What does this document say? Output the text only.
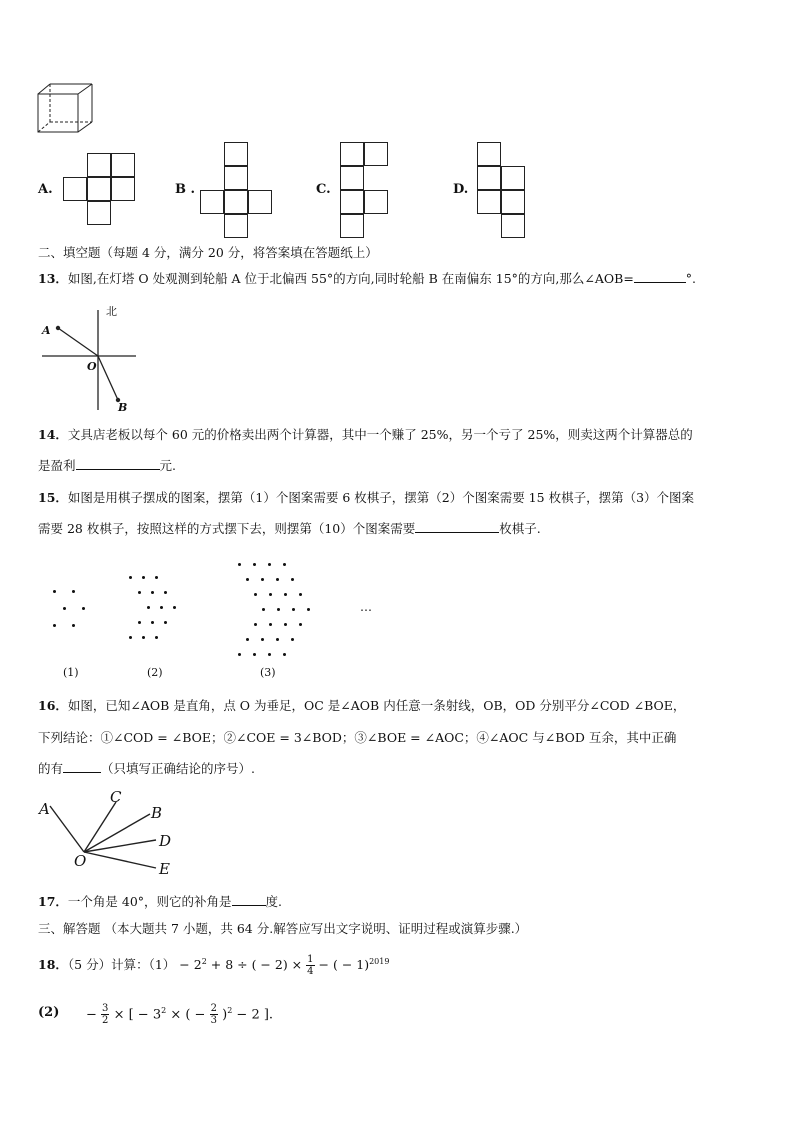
A.	B .	C.	D.
二、填空题（每题 4 分，满分 20 分，将答案填在答题纸上）
13．如图,在灯塔 O 处观测到轮船 A 位于北偏西 55°的方向,同时轮船 B 在南偏东 15°的方向,那么∠AOB=	°.
北
A
O
B
14．文具店老板以每个 60 元的价格卖出两个计算器，其中一个赚了 25%，另一个亏了 25%，则卖这两个计算器总的
是盈利	元.
15．如图是用棋子摆成的图案，摆第（1）个图案需要 6 枚棋子，摆第（2）个图案需要 15 枚棋子，摆第（3）个图案
需要 28 枚棋子，按照这样的方式摆下去，则摆第（10）个图案需要	枚棋子.
(1)	(2)	(3)
…
16．如图，已知∠AOB 是直角，点 O 为垂足，OC 是∠AOB 内任意一条射线，OB，OD 分别平分∠COD ∠BOE，
下列结论：①∠COD = ∠BOE；②∠COE = 3∠BOD；③∠BOE = ∠AOC；④∠AOC 与∠BOD 互余，其中正确
的有	（只填写正确结论的序号）.
A
C
B
D
E
O
17．一个角是 40°，则它的补角是	度.
三、解答题 （本大题共 7 小题，共 64 分.解答应写出文字说明、证明过程或演算步骤.）
18．（5 分）计算：$(1) - 2^2 + 8$ ÷ ( − $2) \times \frac{1}{4}$ − ( − 1)$^{2019}$
$(2) - \frac{3}{2}$ × [ − $3^2$ × ( − $\frac{2}{3} )^2 - 2$ ].
